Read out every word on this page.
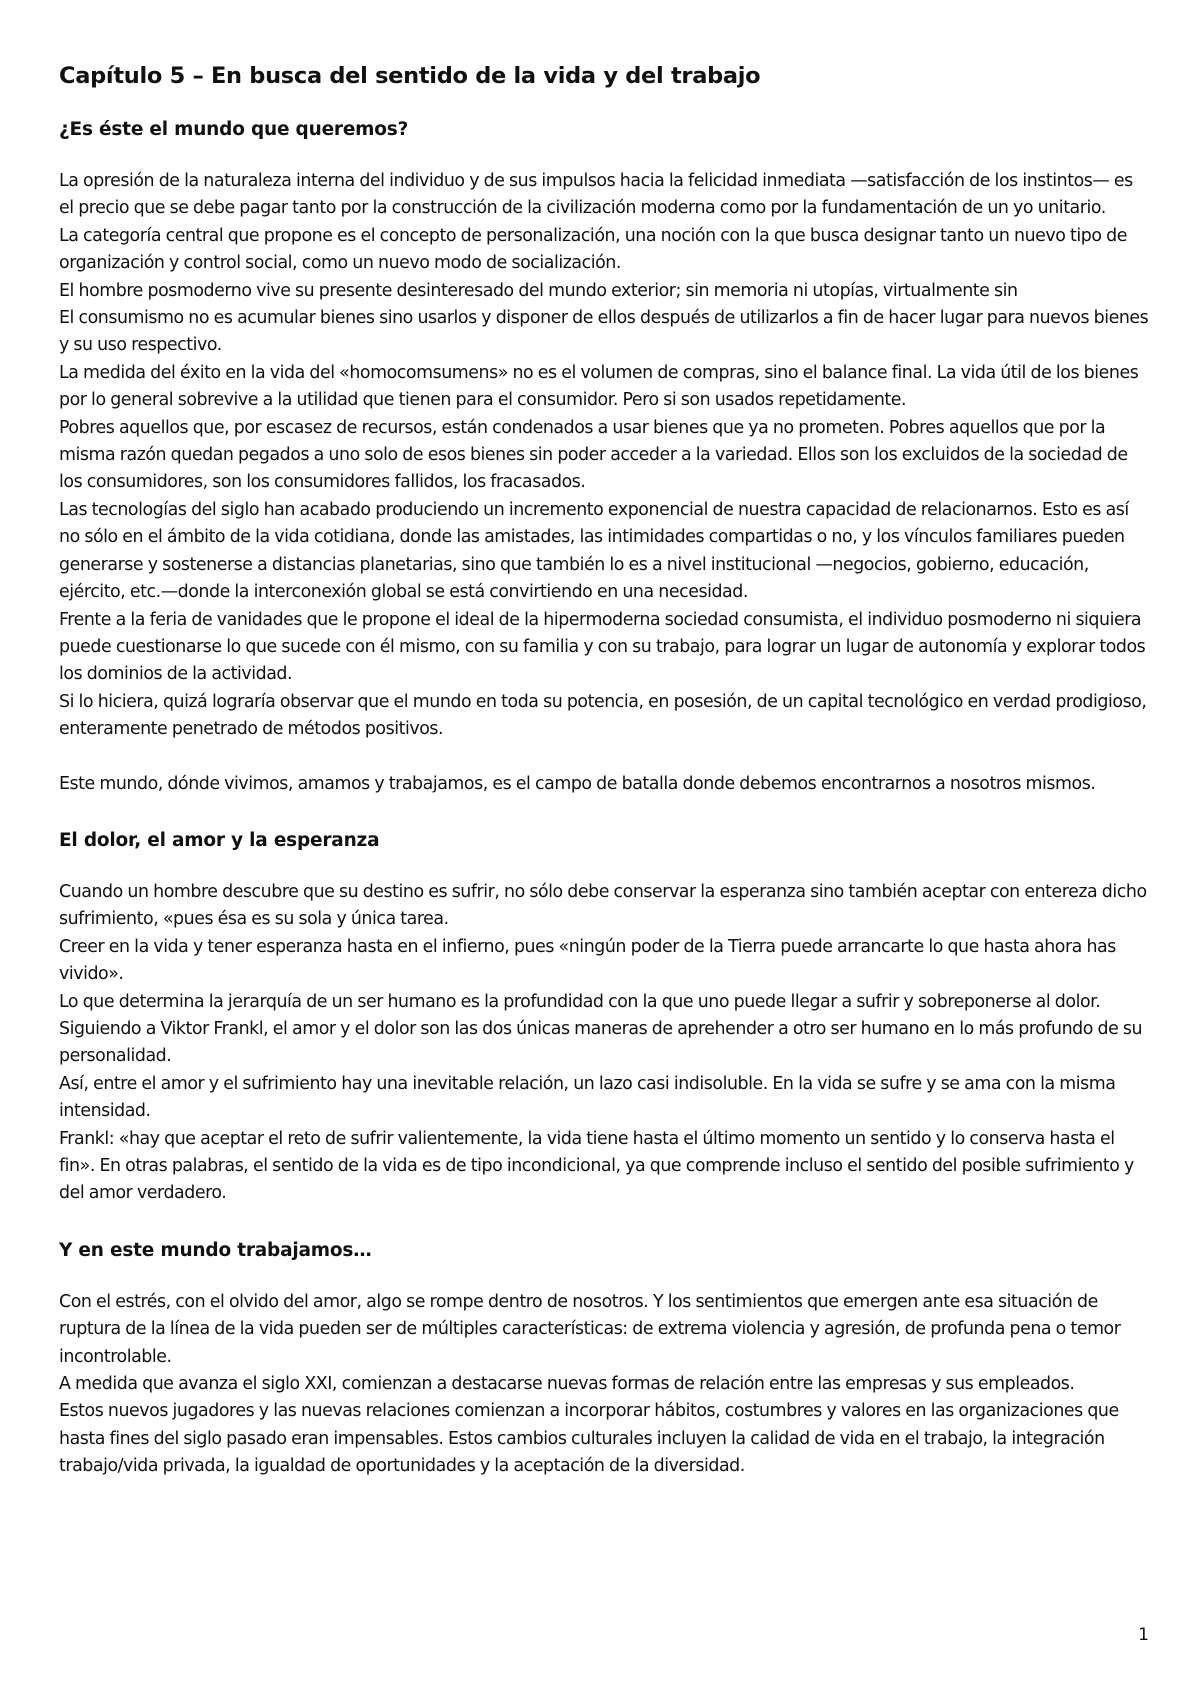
Capítulo 5 – En busca del sentido de la vida y del trabajo
¿Es éste el mundo que queremos?

La opresión de la naturaleza interna del individuo y de sus impulsos hacia la felicidad inmediata —satisfacción de los instintos— es el precio que se debe pagar tanto por la construcción de la civilización moderna como por la fundamentación de un yo unitario.

La categoría central que propone es el concepto de personalización, una noción con la que busca designar tanto un nuevo tipo de organización y control social, como un nuevo modo de socialización.

El hombre posmoderno vive su presente desinteresado del mundo exterior; sin memoria ni utopías, virtualmente sin

El consumismo no es acumular bienes sino usarlos y disponer de ellos después de utilizarlos a fin de hacer lugar para nuevos bienes y su uso respectivo.

La medida del éxito en la vida del «homocomsumens» no es el volumen de compras, sino el balance final. La vida útil de los bienes por lo general sobrevive a la utilidad que tienen para el consumidor. Pero si son usados repetidamente.

Pobres aquellos que, por escasez de recursos, están condenados a usar bienes que ya no prometen. Pobres aquellos que por la misma razón quedan pegados a uno solo de esos bienes sin poder acceder a la variedad. Ellos son los excluidos de la sociedad de los consumidores, son los consumidores fallidos, los fracasados.

Las tecnologías del siglo han acabado produciendo un incremento exponencial de nuestra capacidad de relacionarnos. Esto es así no sólo en el ámbito de la vida cotidiana, donde las amistades, las intimidades compartidas o no, y los vínculos familiares pueden generarse y sostenerse a distancias planetarias, sino que también lo es a nivel institucional —negocios, gobierno, educación, ejército, etc.—donde la interconexión global se está convirtiendo en una necesidad.

Frente a la feria de vanidades que le propone el ideal de la hipermoderna sociedad consumista, el individuo posmoderno ni siquiera puede cuestionarse lo que sucede con él mismo, con su familia y con su trabajo, para lograr un lugar de autonomía y explorar todos los dominios de la actividad.

Si lo hiciera, quizá lograría observar que el mundo en toda su potencia, en posesión, de un capital tecnológico en verdad prodigioso, enteramente penetrado de métodos positivos.

Este mundo, dónde vivimos, amamos y trabajamos, es el campo de batalla donde debemos encontrarnos a nosotros mismos.

El dolor, el amor y la esperanza

Cuando un hombre descubre que su destino es sufrir, no sólo debe conservar la esperanza sino también aceptar con entereza dicho sufrimiento, «pues ésa es su sola y única tarea.

Creer en la vida y tener esperanza hasta en el infierno, pues «ningún poder de la Tierra puede arrancarte lo que hasta ahora has vivido».

Lo que determina la jerarquía de un ser humano es la profundidad con la que uno puede llegar a sufrir y sobreponerse al dolor.

Siguiendo a Viktor Frankl, el amor y el dolor son las dos únicas maneras de aprehender a otro ser humano en lo más profundo de su personalidad.

Así, entre el amor y el sufrimiento hay una inevitable relación, un lazo casi indisoluble. En la vida se sufre y se ama con la misma intensidad.

Frankl: «hay que aceptar el reto de sufrir valientemente, la vida tiene hasta el último momento un sentido y lo conserva hasta el fin». En otras palabras, el sentido de la vida es de tipo incondicional, ya que comprende incluso el sentido del posible sufrimiento y del amor verdadero.

Y en este mundo trabajamos…

Con el estrés, con el olvido del amor, algo se rompe dentro de nosotros. Y los sentimientos que emergen ante esa situación de ruptura de la línea de la vida pueden ser de múltiples características: de extrema violencia y agresión, de profunda pena o temor incontrolable.

A medida que avanza el siglo XXI, comienzan a destacarse nuevas formas de relación entre las empresas y sus empleados.

Estos nuevos jugadores y las nuevas relaciones comienzan a incorporar hábitos, costumbres y valores en las organizaciones que hasta fines del siglo pasado eran impensables. Estos cambios culturales incluyen la calidad de vida en el trabajo, la integración trabajo/vida privada, la igualdad de oportunidades y la aceptación de la diversidad.

1
